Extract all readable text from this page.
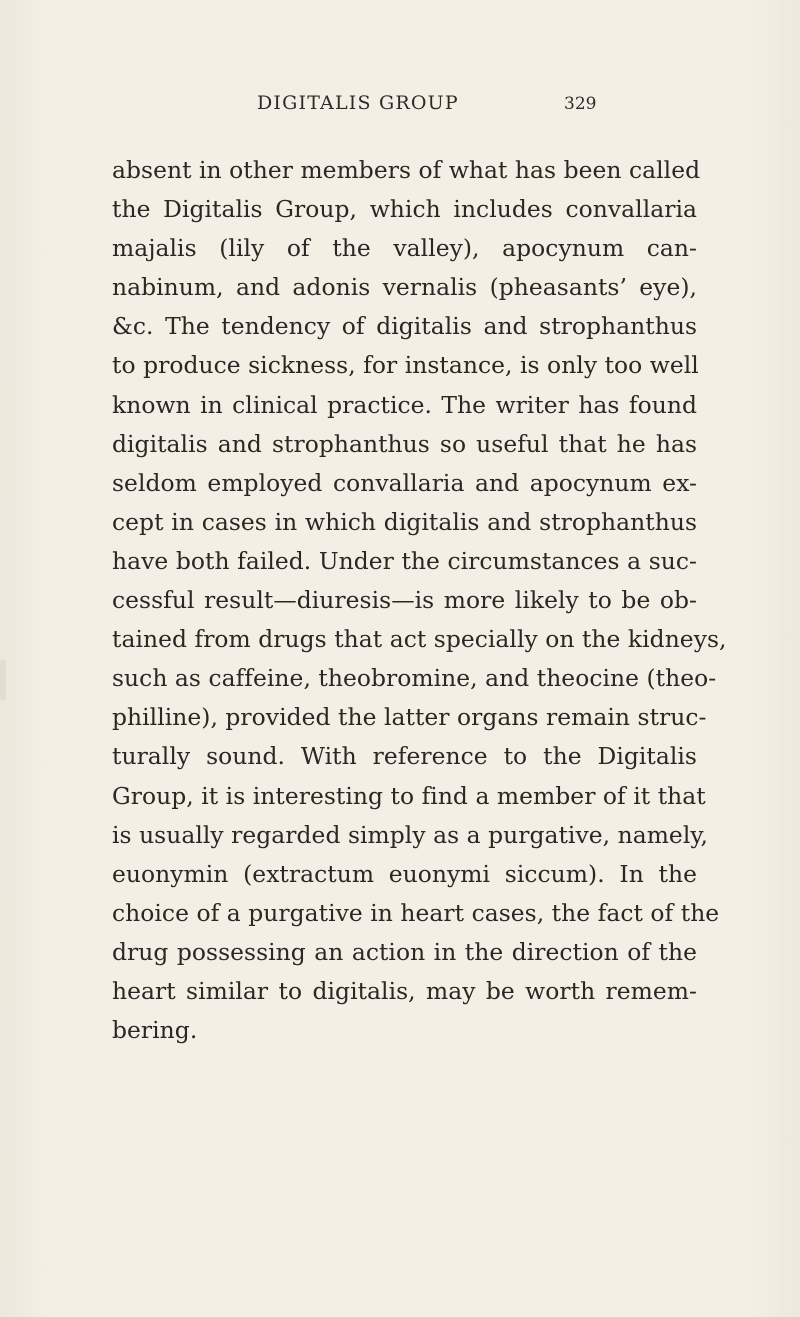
DIGITALIS GROUP	329
absent in other members of what has been called
the Digitalis Group, which includes convallaria
majalis (lily of the valley), apocynum can-
nabinum, and adonis vernalis (pheasants’ eye),
&c. The tendency of digitalis and strophanthus
to produce sickness, for instance, is only too well
known in clinical practice. The writer has found
digitalis and strophanthus so useful that he has
seldom employed convallaria and apocynum ex-
cept in cases in which digitalis and strophanthus
have both failed. Under the circumstances a suc-
cessful result—diuresis—is more likely to be ob-
tained from drugs that act specially on the kidneys,
such as caffeine, theobromine, and theocine (theo-
philline), provided the latter organs remain struc-
turally sound. With reference to the Digitalis
Group, it is interesting to find a member of it that
is usually regarded simply as a purgative, namely,
euonymin (extractum euonymi siccum). In the
choice of a purgative in heart cases, the fact of the
drug possessing an action in the direction of the
heart similar to digitalis, may be worth remem-
bering.
